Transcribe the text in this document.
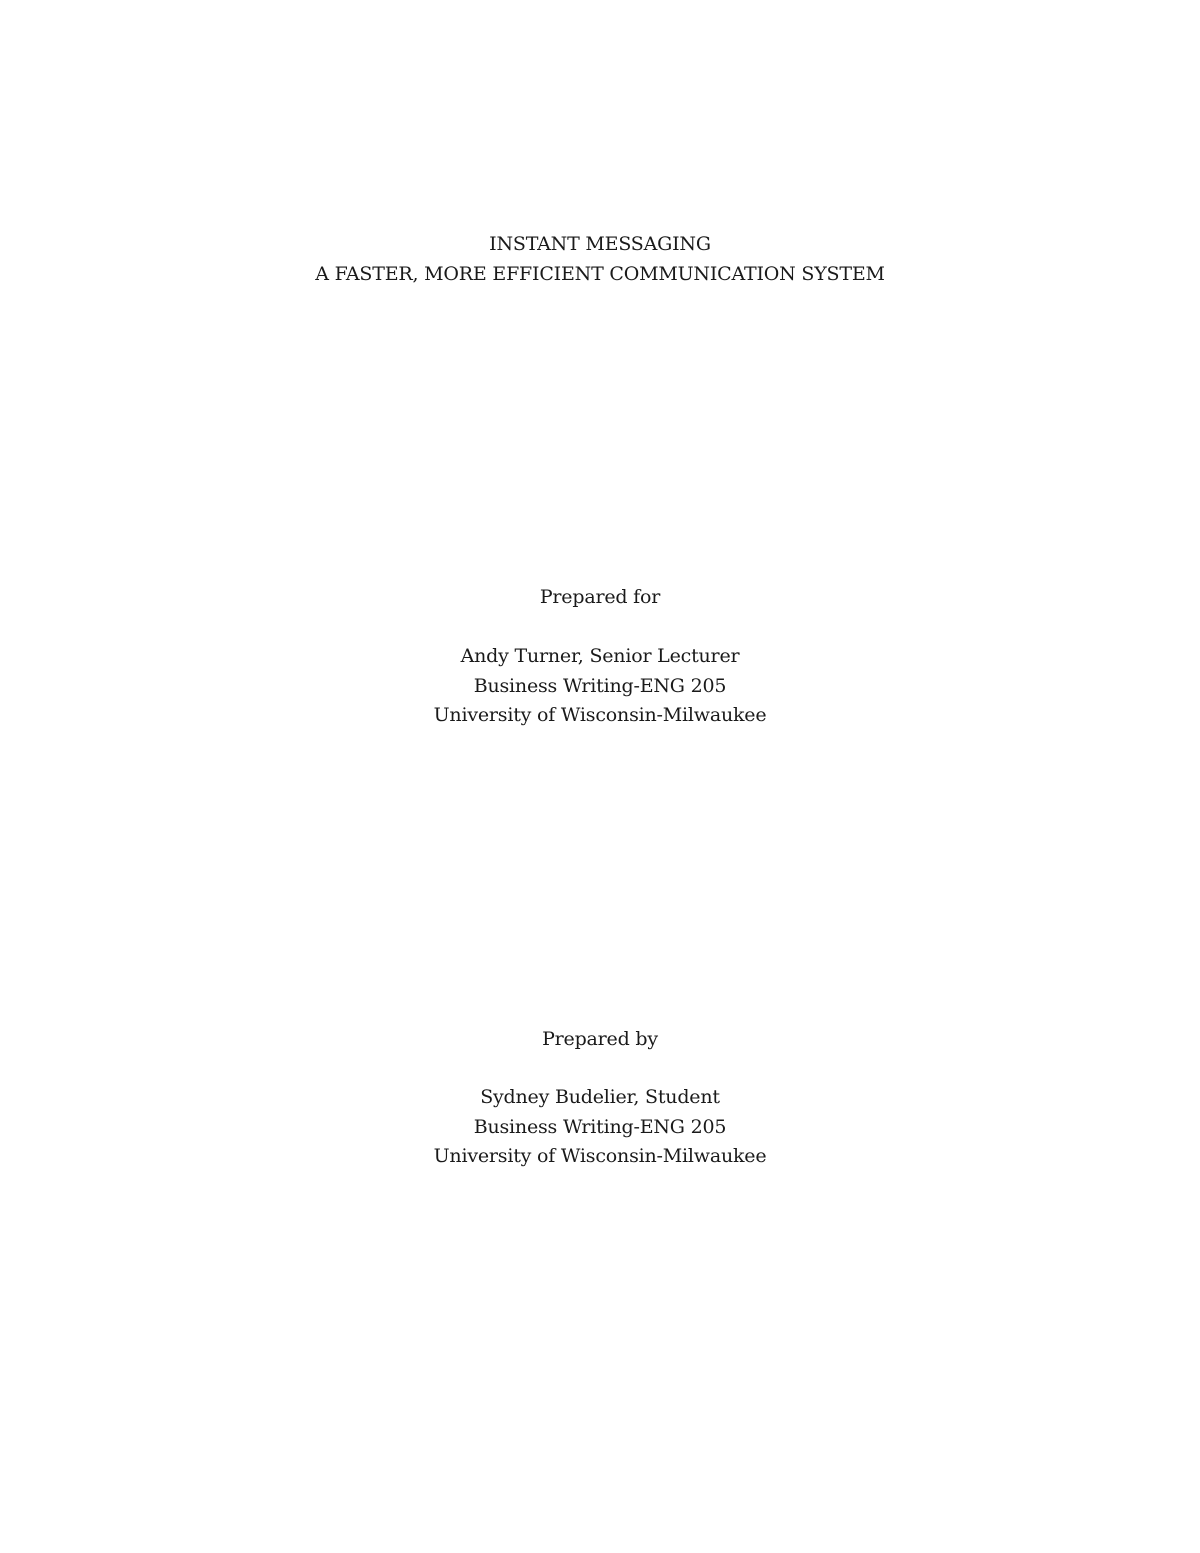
INSTANT MESSAGING
A FASTER, MORE EFFICIENT COMMUNICATION SYSTEM
Prepared for
Andy Turner, Senior Lecturer
Business Writing-ENG 205
University of Wisconsin-Milwaukee
Prepared by
Sydney Budelier, Student
Business Writing-ENG 205
University of Wisconsin-Milwaukee
